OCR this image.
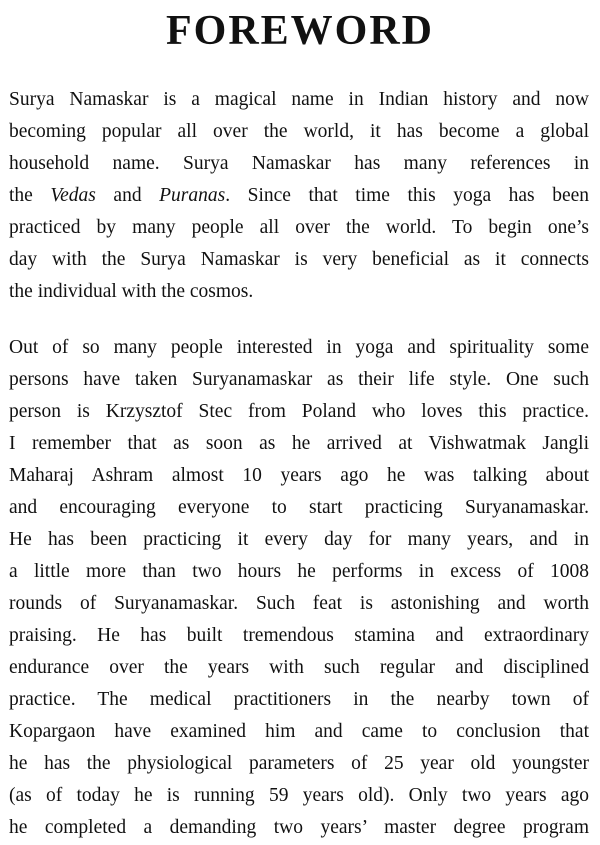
FOREWORD
Surya Namaskar is a magical name in Indian history and now
becoming popular all over the world, it has become a global
household name. Surya Namaskar has many references in
the Vedas and Puranas. Since that time this yoga has been
practiced by many people all over the world. To begin one’s
day with the Surya Namaskar is very beneficial as it connects
the individual with the cosmos.
Out of so many people interested in yoga and spirituality some
persons have taken Suryanamaskar as their life style. One such
person is Krzysztof Stec from Poland who loves this practice.
I remember that as soon as he arrived at Vishwatmak Jangli
Maharaj Ashram almost 10 years ago he was talking about
and encouraging everyone to start practicing Suryanamaskar.
He has been practicing it every day for many years, and in
a little more than two hours he performs in excess of 1008
rounds of Suryanamaskar. Such feat is astonishing and worth
praising. He has built tremendous stamina and extraordinary
endurance over the years with such regular and disciplined
practice. The medical practitioners in the nearby town of
Kopargaon have examined him and came to conclusion that
he has the physiological parameters of 25 year old youngster
(as of today he is running 59 years old). Only two years ago
he completed a demanding two years’ master degree program
